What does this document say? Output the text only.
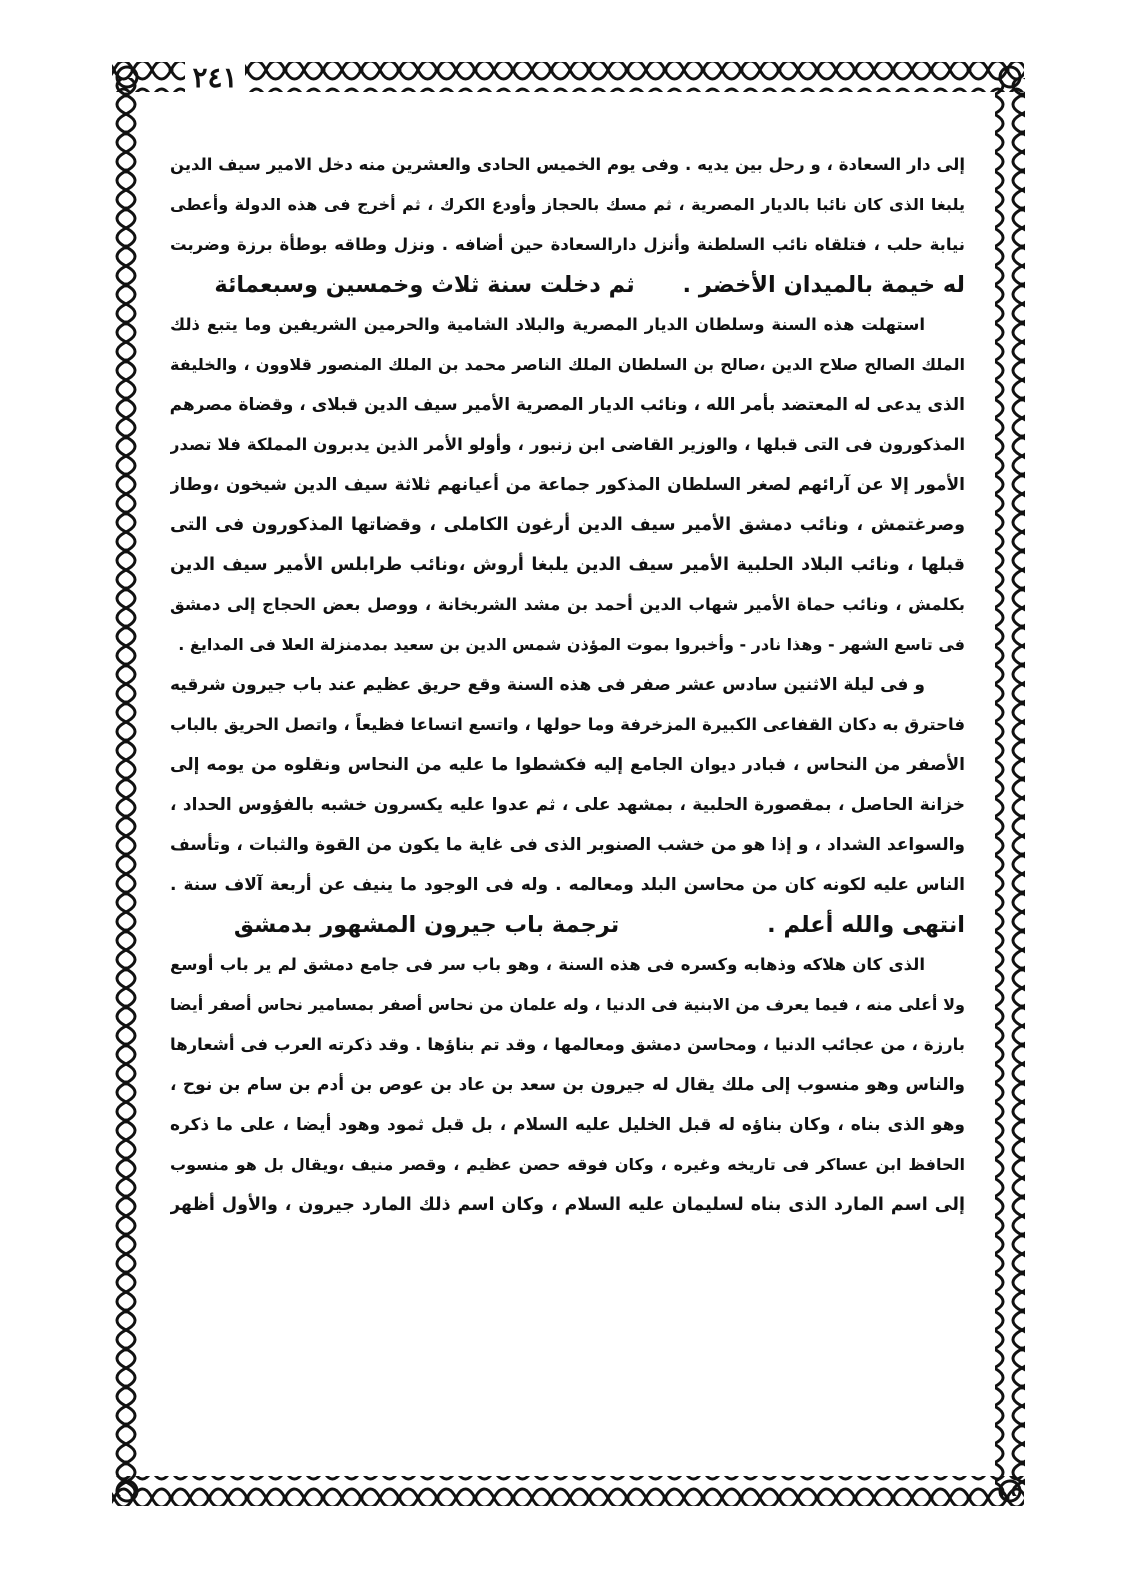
٢٤١
إلى دار السعادة ، و رحل بين يديه . وفى يوم الخميس الحادى والعشرين منه دخل الامير سيف الدين
يلبغا الذى كان نائبا بالديار المصرية ، ثم مسك بالحجاز وأودع الكرك ، ثم أخرج فى هذه الدولة وأعطى
نيابة حلب ، فتلقاه نائب السلطنة وأنزل دارالسعادة حين أضافه . ونزل وطاقه بوطأة برزة وضربت
له خيمة بالميدان الأخضر . ثم دخلت سنة ثلاث وخمسين وسبعمائة
استهلت هذه السنة وسلطان الديار المصرية والبلاد الشامية والحرمين الشريفين وما يتبع ذلك
الملك الصالح صلاح الدين ،صالح بن السلطان الملك الناصر محمد بن الملك المنصور قلاوون ، والخليفة
الذى يدعى له المعتضد بأمر الله ، ونائب الديار المصرية الأمير سيف الدين قبلاى ، وقضاة مصرهم
المذكورون فى التى قبلها ، والوزير القاضى ابن زنبور ، وأولو الأمر الذين يدبرون المملكة فلا تصدر
الأمور إلا عن آرائهم لصغر السلطان المذكور جماعة من أعيانهم ثلاثة سيف الدين شيخون ،وطاز
وصرغتمش ، ونائب دمشق الأمير سيف الدين أرغون الكاملى ، وقضاتها المذكورون فى التى
قبلها ، ونائب البلاد الحلبية الأمير سيف الدين يلبغا أروش ،ونائب طرابلس الأمير سيف الدين
بكلمش ، ونائب حماة الأمير شهاب الدين أحمد بن مشد الشربخانة ، ووصل بعض الحجاج إلى دمشق
فى تاسع الشهر - وهذا نادر - وأخبروا بموت المؤذن شمس الدين بن سعيد بمدمنزلة العلا فى المدايغ .
و فى ليلة الاثنين سادس عشر صفر فى هذه السنة وقع حريق عظيم عند باب جيرون شرقيه
فاحترق به دكان القفاعى الكبيرة المزخرفة وما حولها ، واتسع اتساعا فظيعاً ، واتصل الحريق بالباب
الأصفر من النحاس ، فبادر ديوان الجامع إليه فكشطوا ما عليه من النحاس ونقلوه من يومه إلى
خزانة الحاصل ، بمقصورة الحلبية ، بمشهد على ، ثم عدوا عليه يكسرون خشبه بالفؤوس الحداد ،
والسواعد الشداد ، و إذا هو من خشب الصنوبر الذى فى غاية ما يكون من القوة والثبات ، وتأسف
الناس عليه لكونه كان من محاسن البلد ومعالمه . وله فى الوجود ما ينيف عن أربعة آلاف سنة .
انتهى والله أعلم . ترجمة باب جيرون المشهور بدمشق
الذى كان هلاكه وذهابه وكسره فى هذه السنة ، وهو باب سر فى جامع دمشق لم ير باب أوسع
ولا أعلى منه ، فيما يعرف من الابنية فى الدنيا ، وله علمان من نحاس أصفر بمسامير نحاس أصفر أيضا
بارزة ، من عجائب الدنيا ، ومحاسن دمشق ومعالمها ، وقد تم بناؤها . وقد ذكرته العرب فى أشعارها
والناس وهو منسوب إلى ملك يقال له جيرون بن سعد بن عاد بن عوص بن أدم بن سام بن نوح ،
وهو الذى بناه ، وكان بناؤه له قبل الخليل عليه السلام ، بل قبل ثمود وهود أيضا ، على ما ذكره
الحافظ ابن عساكر فى تاريخه وغيره ، وكان فوقه حصن عظيم ، وقصر منيف ،ويقال بل هو منسوب
إلى اسم المارد الذى بناه لسليمان عليه السلام ، وكان اسم ذلك المارد جيرون ، والأول أظهر
